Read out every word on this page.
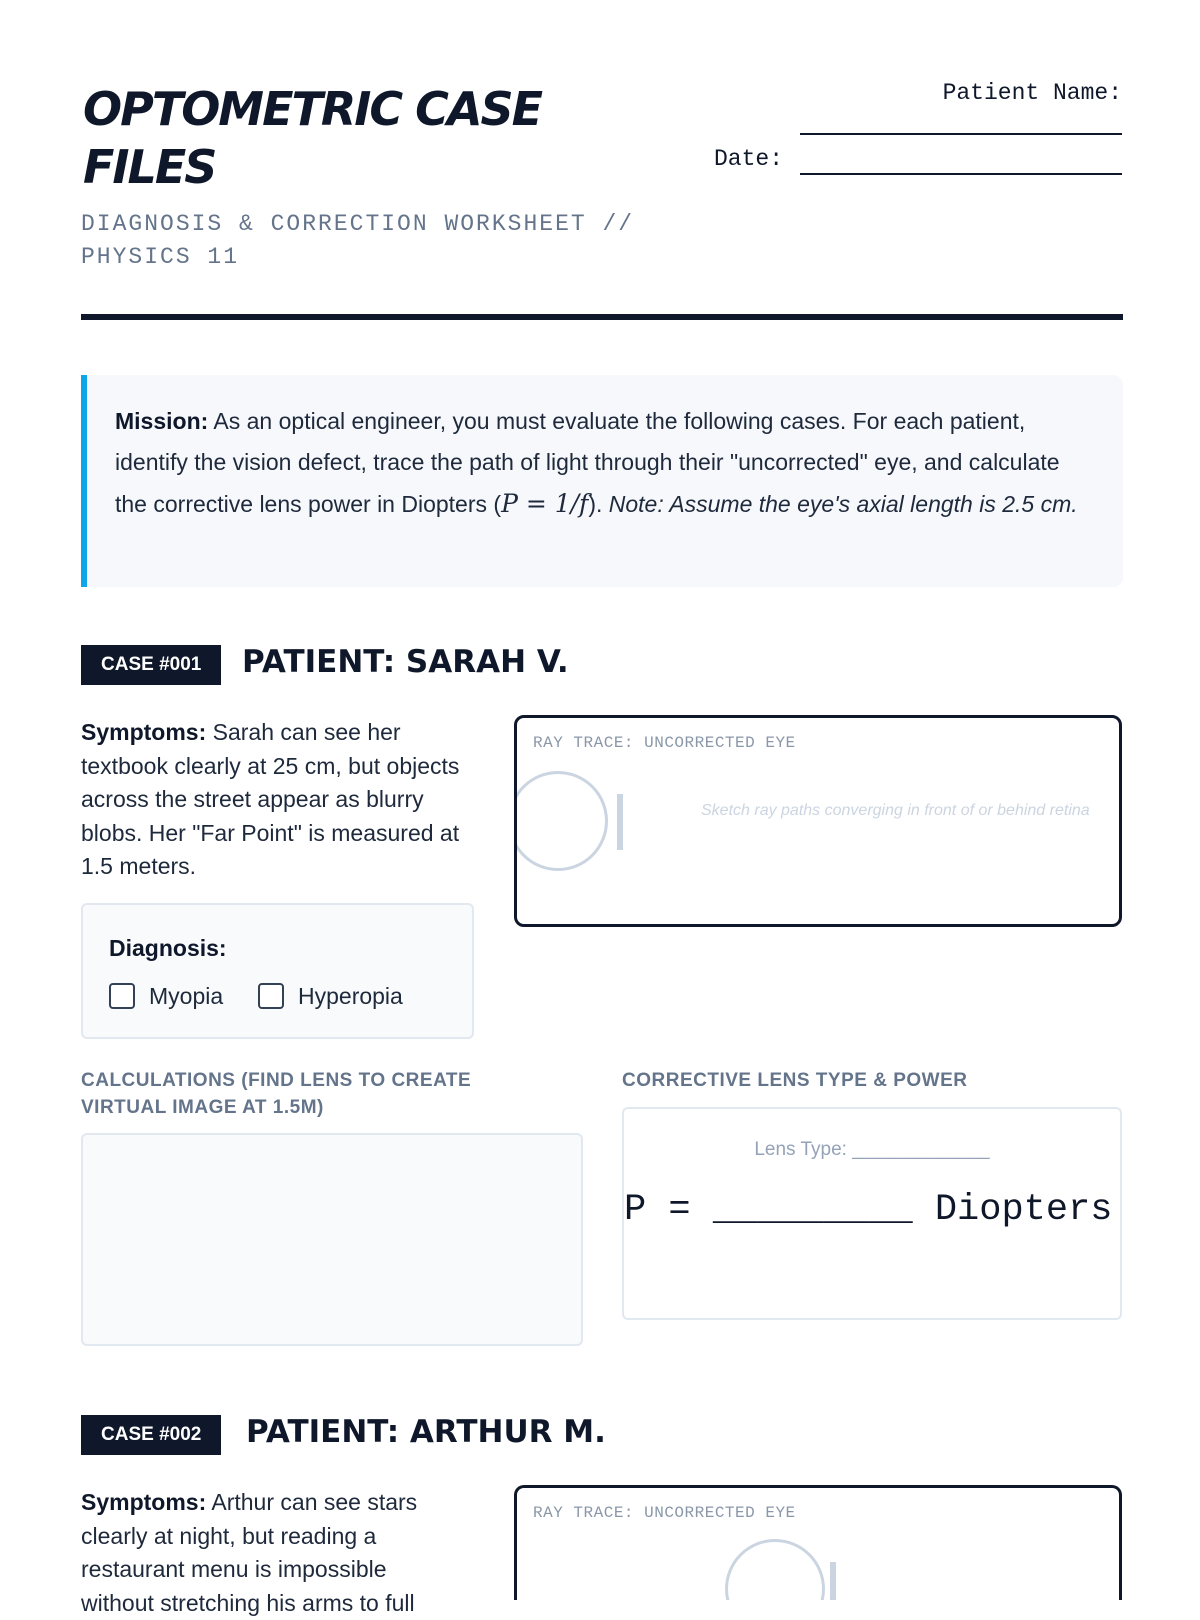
OPTOMETRIC CASE FILES
DIAGNOSIS & CORRECTION WORKSHEET // PHYSICS 11
Patient Name:
Date:
Mission: As an optical engineer, you must evaluate the following cases. For each patient, identify the vision defect, trace the path of light through their "uncorrected" eye, and calculate the corrective lens power in Diopters (P = 1/f). Note: Assume the eye's axial length is 2.5 cm.
CASE #001	PATIENT: SARAH V.
Symptoms: Sarah can see her textbook clearly at 25 cm, but objects across the street appear as blurry blobs. Her "Far Point" is measured at 1.5 meters.
RAY TRACE: UNCORRECTED EYE
Sketch ray paths converging in front of or behind retina
Diagnosis:
Myopia	Hyperopia
CALCULATIONS (FIND LENS TO CREATE VIRTUAL IMAGE AT 1.5M)
CORRECTIVE LENS TYPE & POWER
Lens Type: _____________
P = _________ Diopters
CASE #002	PATIENT: ARTHUR M.
Symptoms: Arthur can see stars clearly at night, but reading a restaurant menu is impossible without stretching his arms to full
RAY TRACE: UNCORRECTED EYE
